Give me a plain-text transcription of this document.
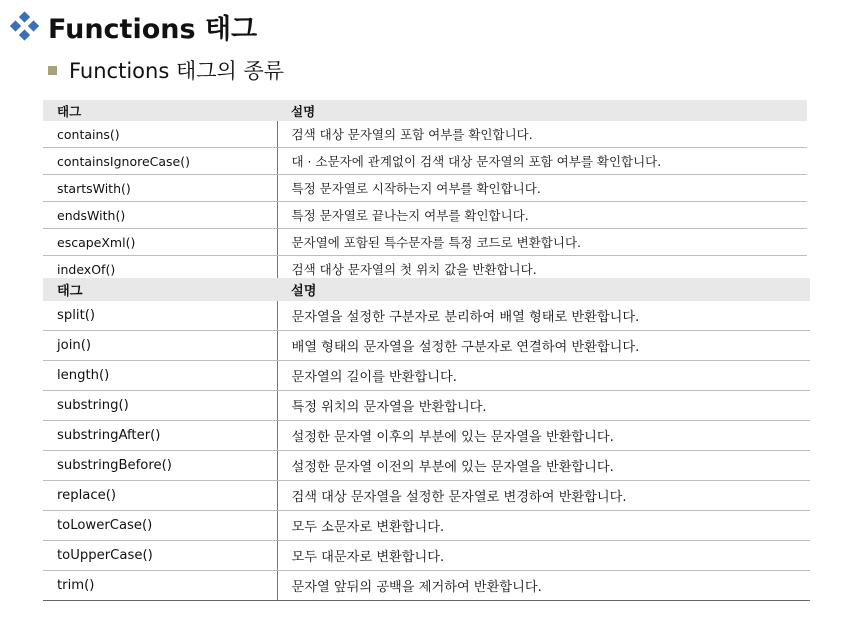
Functions 태그
Functions 태그의 종류
태그	설명
contains()	검색 대상 문자열의 포함 여부를 확인합니다.
containsIgnoreCase()	대 · 소문자에 관계없이 검색 대상 문자열의 포함 여부를 확인합니다.
startsWith()	특정 문자열로 시작하는지 여부를 확인합니다.
endsWith()	특정 문자열로 끝나는지 여부를 확인합니다.
escapeXml()	문자열에 포함된 특수문자를 특정 코드로 변환합니다.
indexOf()	검색 대상 문자열의 첫 위치 값을 반환합니다.
태그	설명
split()	문자열을 설정한 구분자로 분리하여 배열 형태로 반환합니다.
join()	배열 형태의 문자열을 설정한 구분자로 연결하여 반환합니다.
length()	문자열의 길이를 반환합니다.
substring()	특정 위치의 문자열을 반환합니다.
substringAfter()	설정한 문자열 이후의 부분에 있는 문자열을 반환합니다.
substringBefore()	설정한 문자열 이전의 부분에 있는 문자열을 반환합니다.
replace()	검색 대상 문자열을 설정한 문자열로 변경하여 반환합니다.
toLowerCase()	모두 소문자로 변환합니다.
toUpperCase()	모두 대문자로 변환합니다.
trim()	문자열 앞뒤의 공백을 제거하여 반환합니다.
